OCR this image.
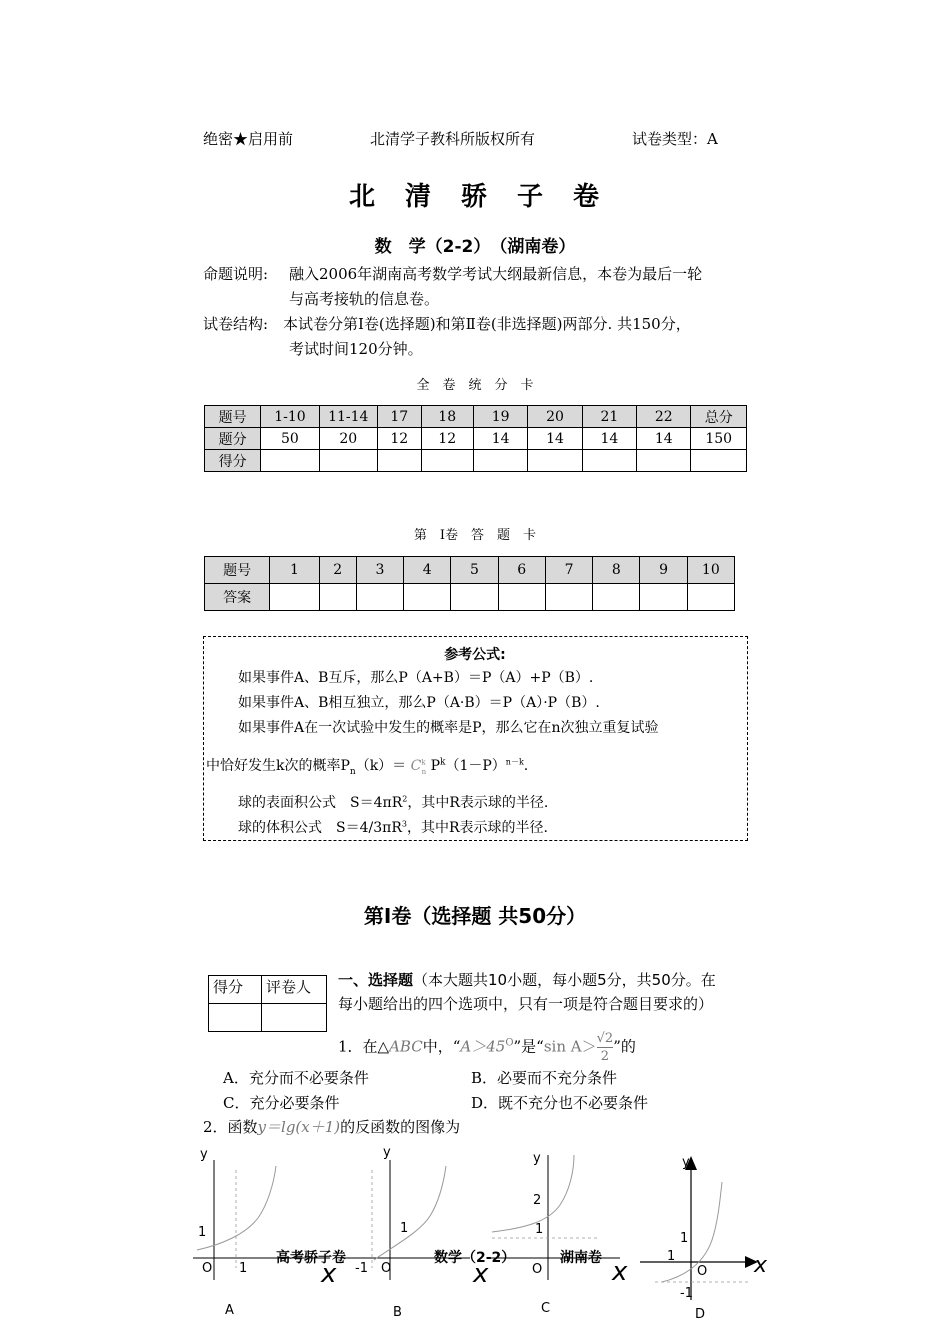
绝密★启用前	北清学子教科所版权所有	试卷类型：A
北　清　骄　子　卷
数　学（2-2）　（湖南卷）
命题说明: 融入2006年湖南高考数学考试大纲最新信息，本卷为最后一轮
与高考接轨的信息卷。
试卷结构: 本试卷分第Ⅰ卷(选择题)和第Ⅱ卷(非选择题)两部分. 共150分，
考试时间120分钟。
全　卷　统　分　卡
题号	1-10	11-14	17	18	19	20	21	22	总分
题分	50	20	12	12	14	14	14	14	150
得分									
第　Ⅰ卷　答　题　卡
题号	1	2	3	4	5	6	7	8	9	10
答案										
参考公式:
如果事件A、B互斥，那么P（A+B）＝P（A）+P（B）.
如果事件A、B相互独立，那么P（A·B）＝P（A）·P（B）.
如果事件A在一次试验中发生的概率是P，那么它在n次独立重复试验
中恰好发生k次的概率$P_n(k)= C^k_n$ $P^k(1-P)^{n-k}$.
球的表面积公式　$S=4\pi R^2$，其中R表示球的半径.
球的体积公式　$S=4/3\pi R^3$，其中R表示球的半径.
第Ⅰ卷（选择题 共50分）
得分	评卷人
	一、选择题（本大题共10小题，每小题5分，共50分。在
每小题给出的四个选项中，只有一项是符合题目要求的）
1．在△ABC中，“$A>45^O$”是“sin $A> \frac{√2}{2}$ ”的
A．充分而不必要条件	B．必要而不充分条件
C．充分必要条件	D．既不充分也不必要条件
2．函数y＝lg(x＋1)的反函数的图像为
y
1
O 1
A
y
1
-1 O
x
B
y
2
1
O
x
C
y
1
1
O
-1
x	x
D
高考骄子卷	数学（2-2）	湖南卷
